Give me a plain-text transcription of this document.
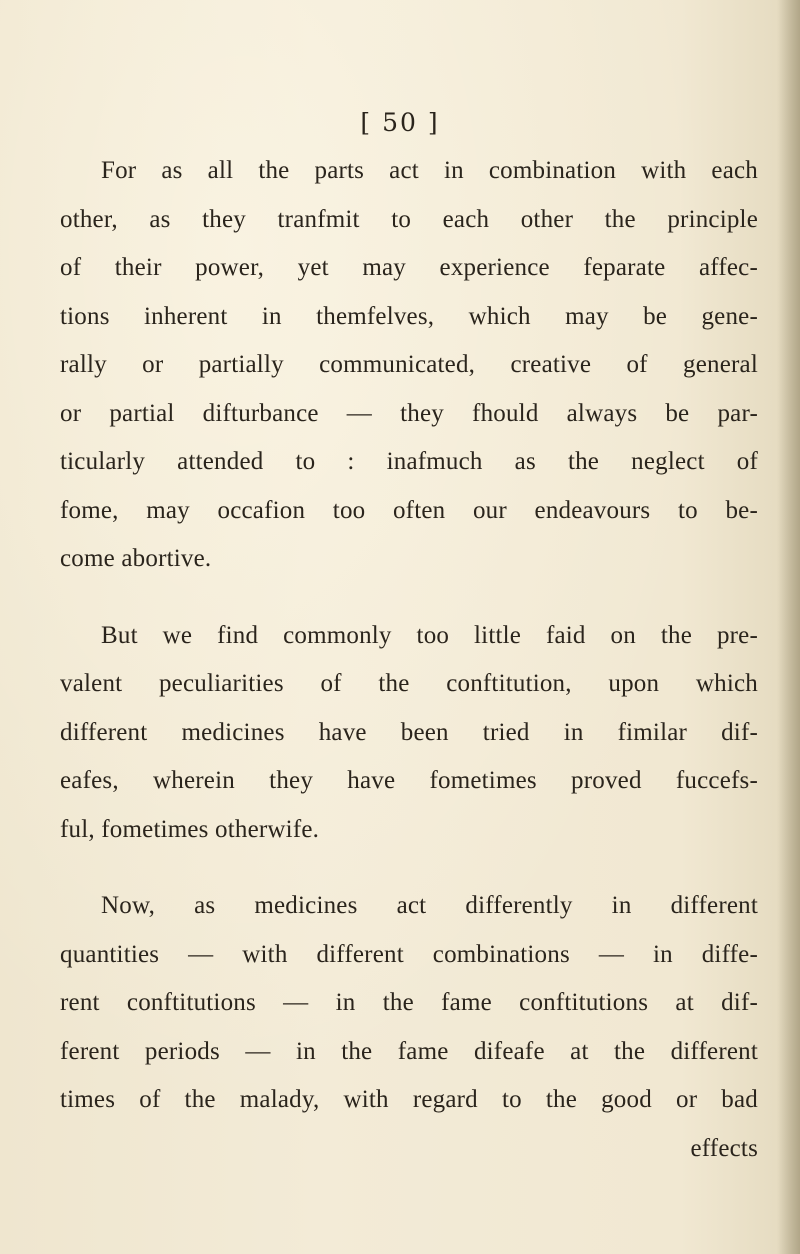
[ 50 ]
For as all the parts act in combination with each
other, as they tranfmit to each other the principle
of their power, yet may experience feparate affec-
tions inherent in themfelves, which may be gene-
rally or partially communicated, creative of general
or partial difturbance — they fhould always be par-
ticularly attended to : inafmuch as the neglect of
fome, may occafion too often our endeavours to be-
come abortive.
But we find commonly too little faid on the pre-
valent peculiarities of the conftitution, upon which
different medicines have been tried in fimilar dif-
eafes, wherein they have fometimes proved fuccefs-
ful, fometimes otherwife.
Now, as medicines act differently in different
quantities — with different combinations — in diffe-
rent conftitutions — in the fame conftitutions at dif-
ferent periods — in the fame difeafe at the different
times of the malady, with regard to the good or bad
effects
